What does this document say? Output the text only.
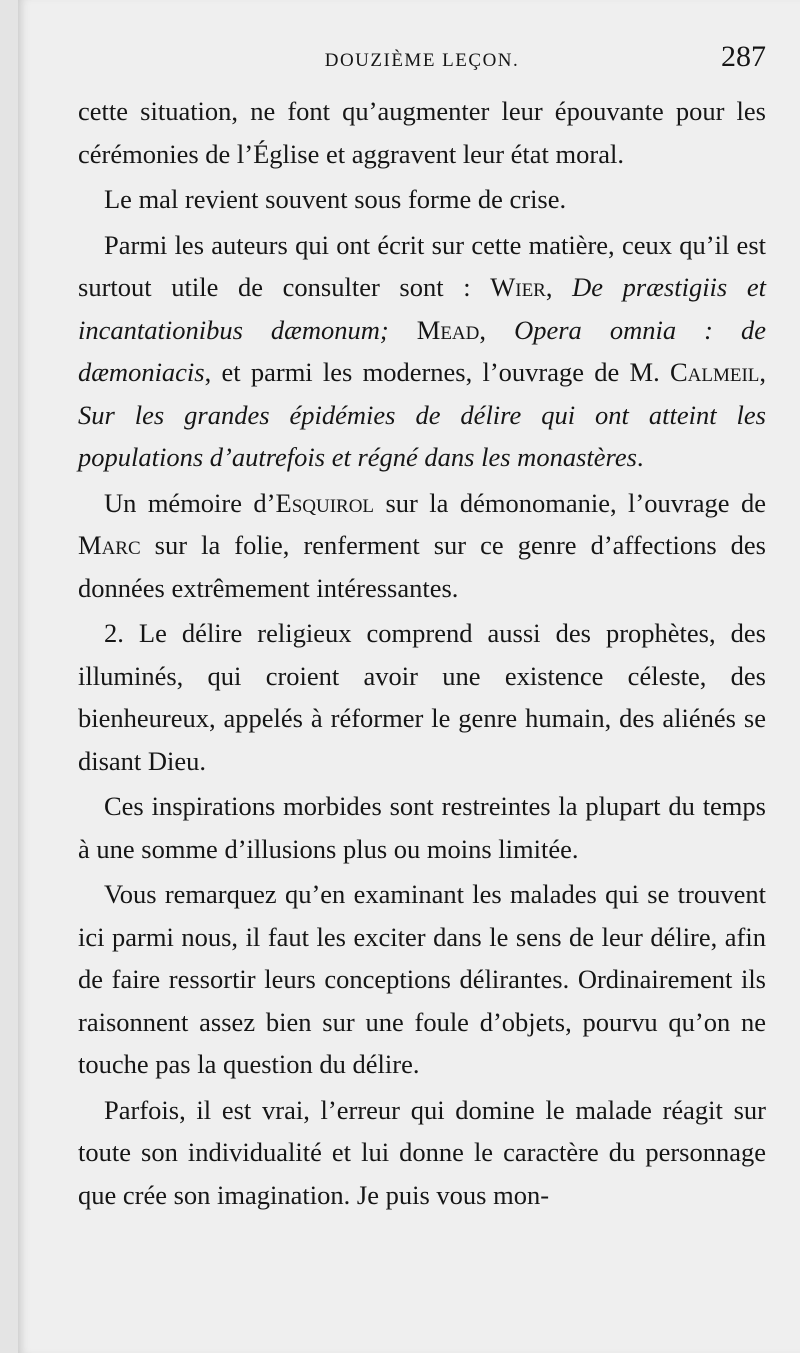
DOUZIÈME LEÇON.	287

cette situation, ne font qu’augmenter leur épouvante pour les cérémonies de l’Église et aggravent leur état moral.

Le mal revient souvent sous forme de crise.

Parmi les auteurs qui ont écrit sur cette matière, ceux qu’il est surtout utile de consulter sont : Wier, De præstigiis et incantationibus dæmonum; Mead, Opera omnia : de dæmoniacis, et parmi les modernes, l’ouvrage de M. Calmeil, Sur les grandes épidémies de délire qui ont atteint les populations d’autrefois et régné dans les monastères.

Un mémoire d’Esquirol sur la démonomanie, l’ouvrage de Marc sur la folie, renferment sur ce genre d’affections des données extrêmement intéressantes.

2. Le délire religieux comprend aussi des prophètes, des illuminés, qui croient avoir une existence céleste, des bienheureux, appelés à réformer le genre humain, des aliénés se disant Dieu.

Ces inspirations morbides sont restreintes la plupart du temps à une somme d’illusions plus ou moins limitée.

Vous remarquez qu’en examinant les malades qui se trouvent ici parmi nous, il faut les exciter dans le sens de leur délire, afin de faire ressortir leurs conceptions délirantes. Ordinairement ils raisonnent assez bien sur une foule d’objets, pourvu qu’on ne touche pas la question du délire.

Parfois, il est vrai, l’erreur qui domine le malade réagit sur toute son individualité et lui donne le caractère du personnage que crée son imagination. Je puis vous mon-
